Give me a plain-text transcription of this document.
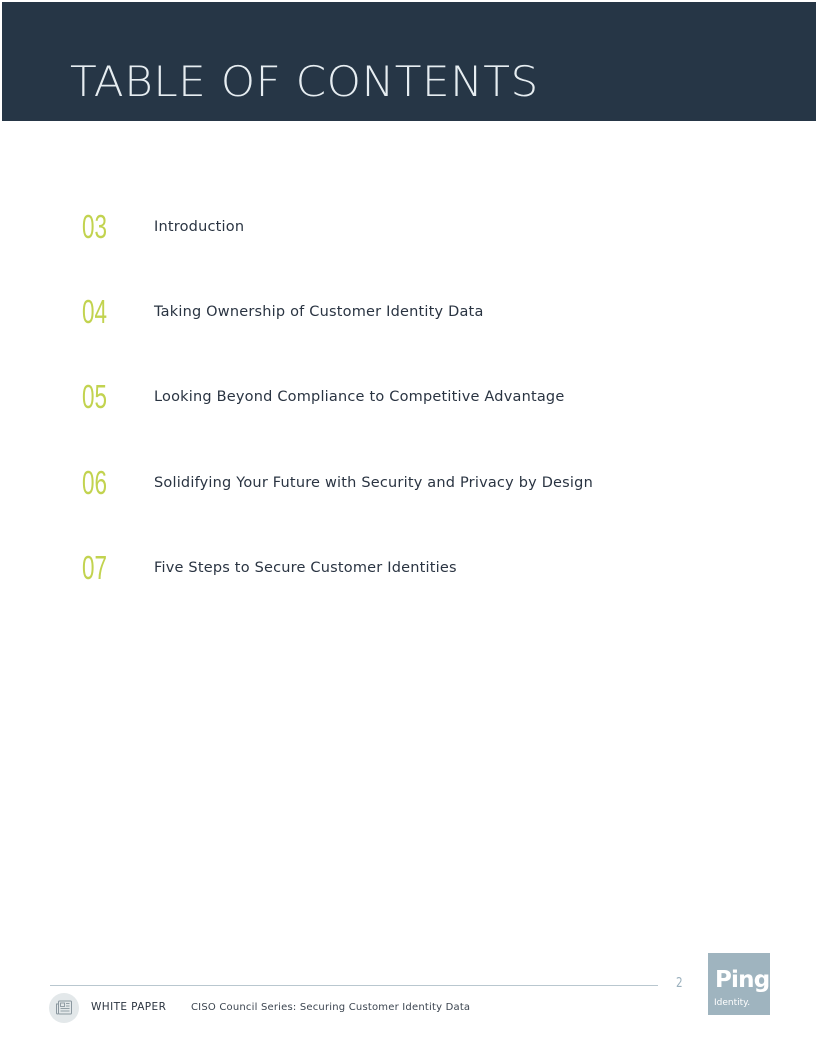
TABLE OF CONTENTS
03	Introduction
04	Taking Ownership of Customer Identity Data
05	Looking Beyond Compliance to Competitive Advantage
06	Solidifying Your Future with Security and Privacy by Design
07	Five Steps to Secure Customer Identities
2
WHITE PAPER CISO Council Series: Securing Customer Identity Data
Ping
Identity.
